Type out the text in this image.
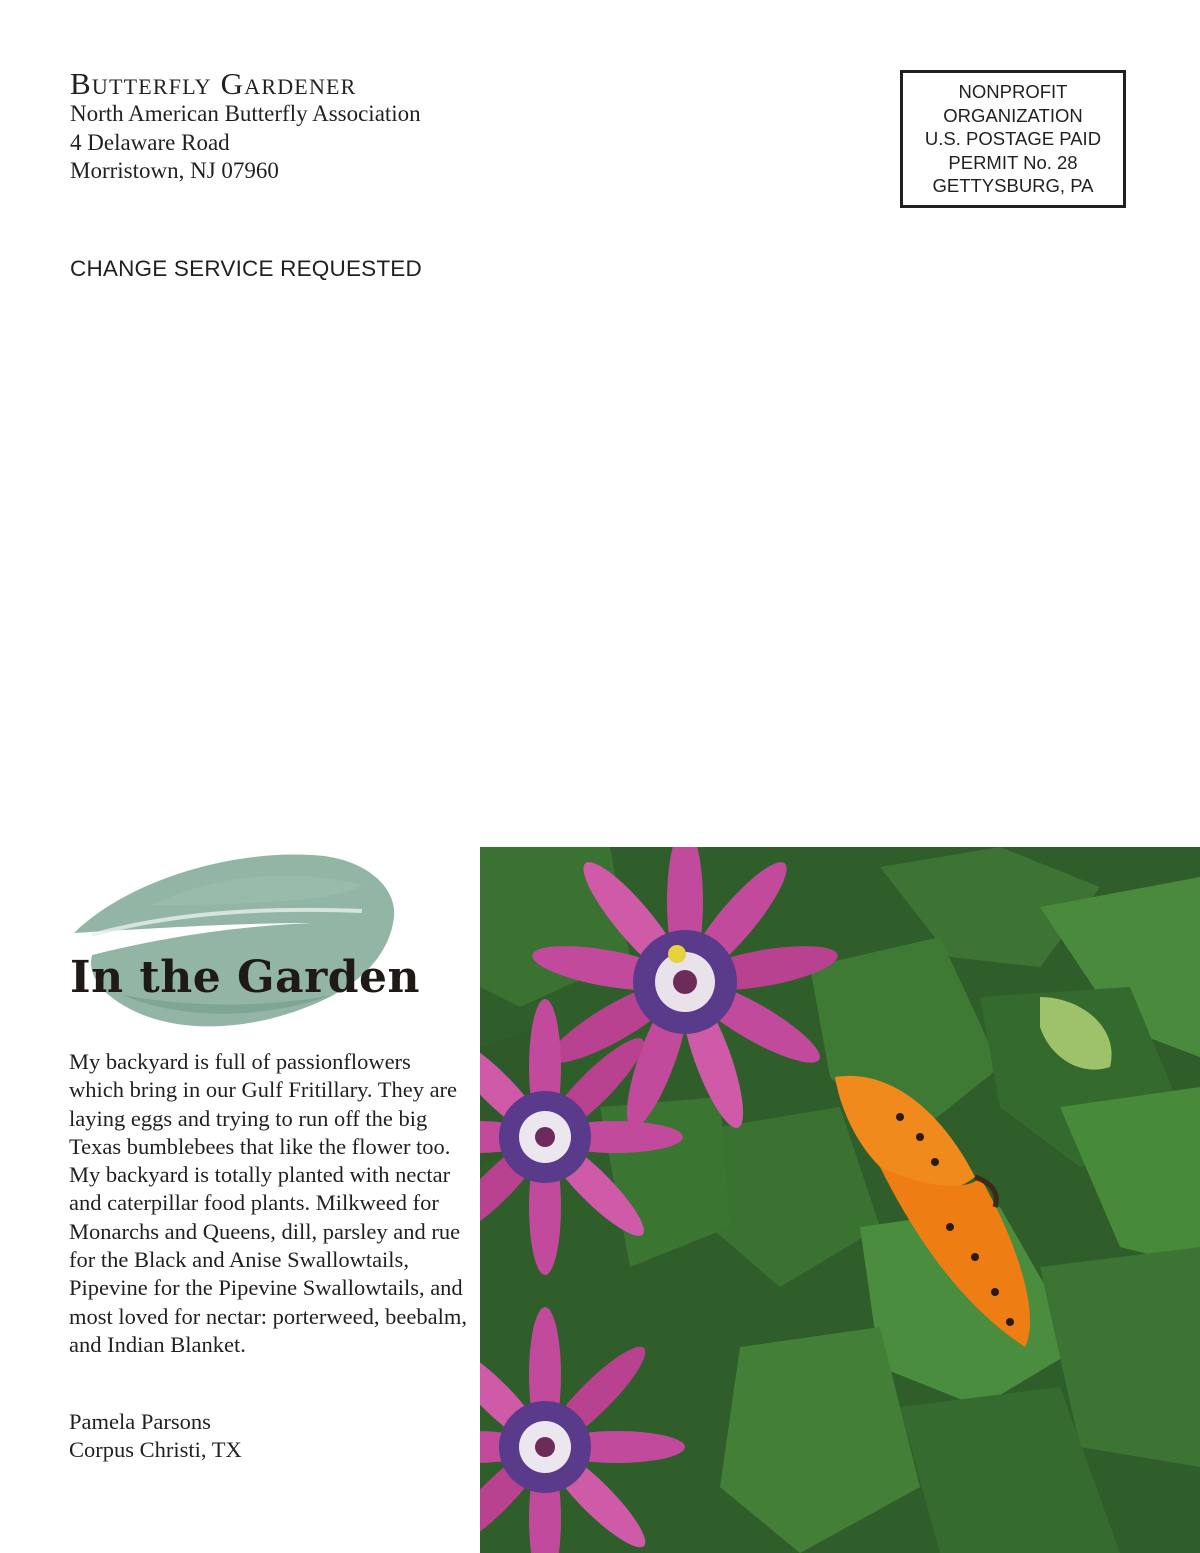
Butterfly Gardener

North American Butterfly Association

4 Delaware Road

Morristown, NJ 07960

NONPROFIT
ORGANIZATION
U.S. POSTAGE PAID
PERMIT No. 28
GETTYSBURG, PA

CHANGE SERVICE REQUESTED

In the Garden

My backyard is full of passionflowers which bring in our Gulf Fritillary. They are laying eggs and trying to run off the big Texas bumblebees that like the flower too. My backyard is totally planted with nectar and caterpillar food plants. Milkweed for Monarchs and Queens, dill, parsley and rue for the Black and Anise Swallowtails, Pipevine for the Pipevine Swallowtails, and most loved for nectar: porterweed, beebalm, and Indian Blanket.

Pamela Parsons

Corpus Christi, TX
